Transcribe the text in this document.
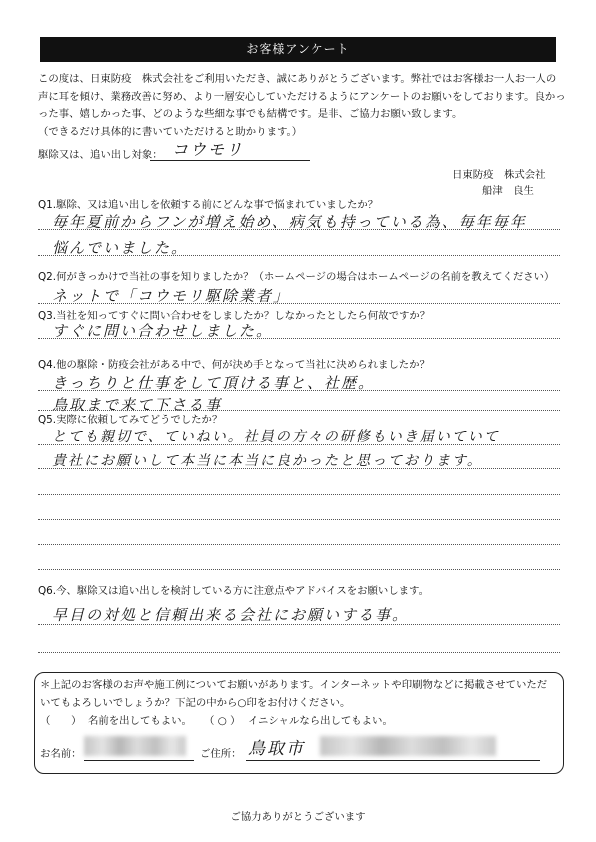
お客様アンケート
この度は、日東防疫　株式会社をご利用いただき、誠にありがとうございます。弊社ではお客様お一人お一人の
声に耳を傾け、業務改善に努め、より一層安心していただけるようにアンケートのお願いをしております。良かっ
った事、嬉しかった事、どのような些細な事でも結構です。是非、ご協力お願い致します。
（できるだけ具体的に書いていただけると助かります。）
駆除又は、追い出し対象： コウモリ
日東防疫　株式会社
船津　良生
Q1.駆除、又は追い出しを依頼する前にどんな事で悩まれていましたか？
毎年夏前からフンが増え始め、病気も持っている為、毎年毎年
悩んでいました。
Q2.何がきっかけで当社の事を知りましたか？（ホームページの場合はホームページの名前を教えてください）
ネットで「コウモリ駆除業者」
Q3.当社を知ってすぐに問い合わせをしましたか？しなかったとしたら何故ですか？
すぐに問い合わせしました。
Q4.他の駆除・防疫会社がある中で、何が決め手となって当社に決められましたか？
きっちりと仕事をして頂ける事と、社歴。
鳥取まで来て下さる事
Q5.実際に依頼してみてどうでしたか？
とても親切で、ていねい。社員の方々の研修もいき届いていて
貴社にお願いして本当に本当に良かったと思っております。
Q6.今、駆除又は追い出しを検討している方に注意点やアドバイスをお願いします。
早目の対処と信頼出来る会社にお願いする事。
＊上記のお客様のお声や施工例についてお願いがあります。インターネットや印刷物などに掲載させていただ
いてもよろしいでしょうか？下記の中から○印をお付けください。
（　　） 名前を出してもよい。 （ ○ ） イニシャルなら出してもよい。
お名前：	ご住所： 鳥取市
ご協力ありがとうございます
